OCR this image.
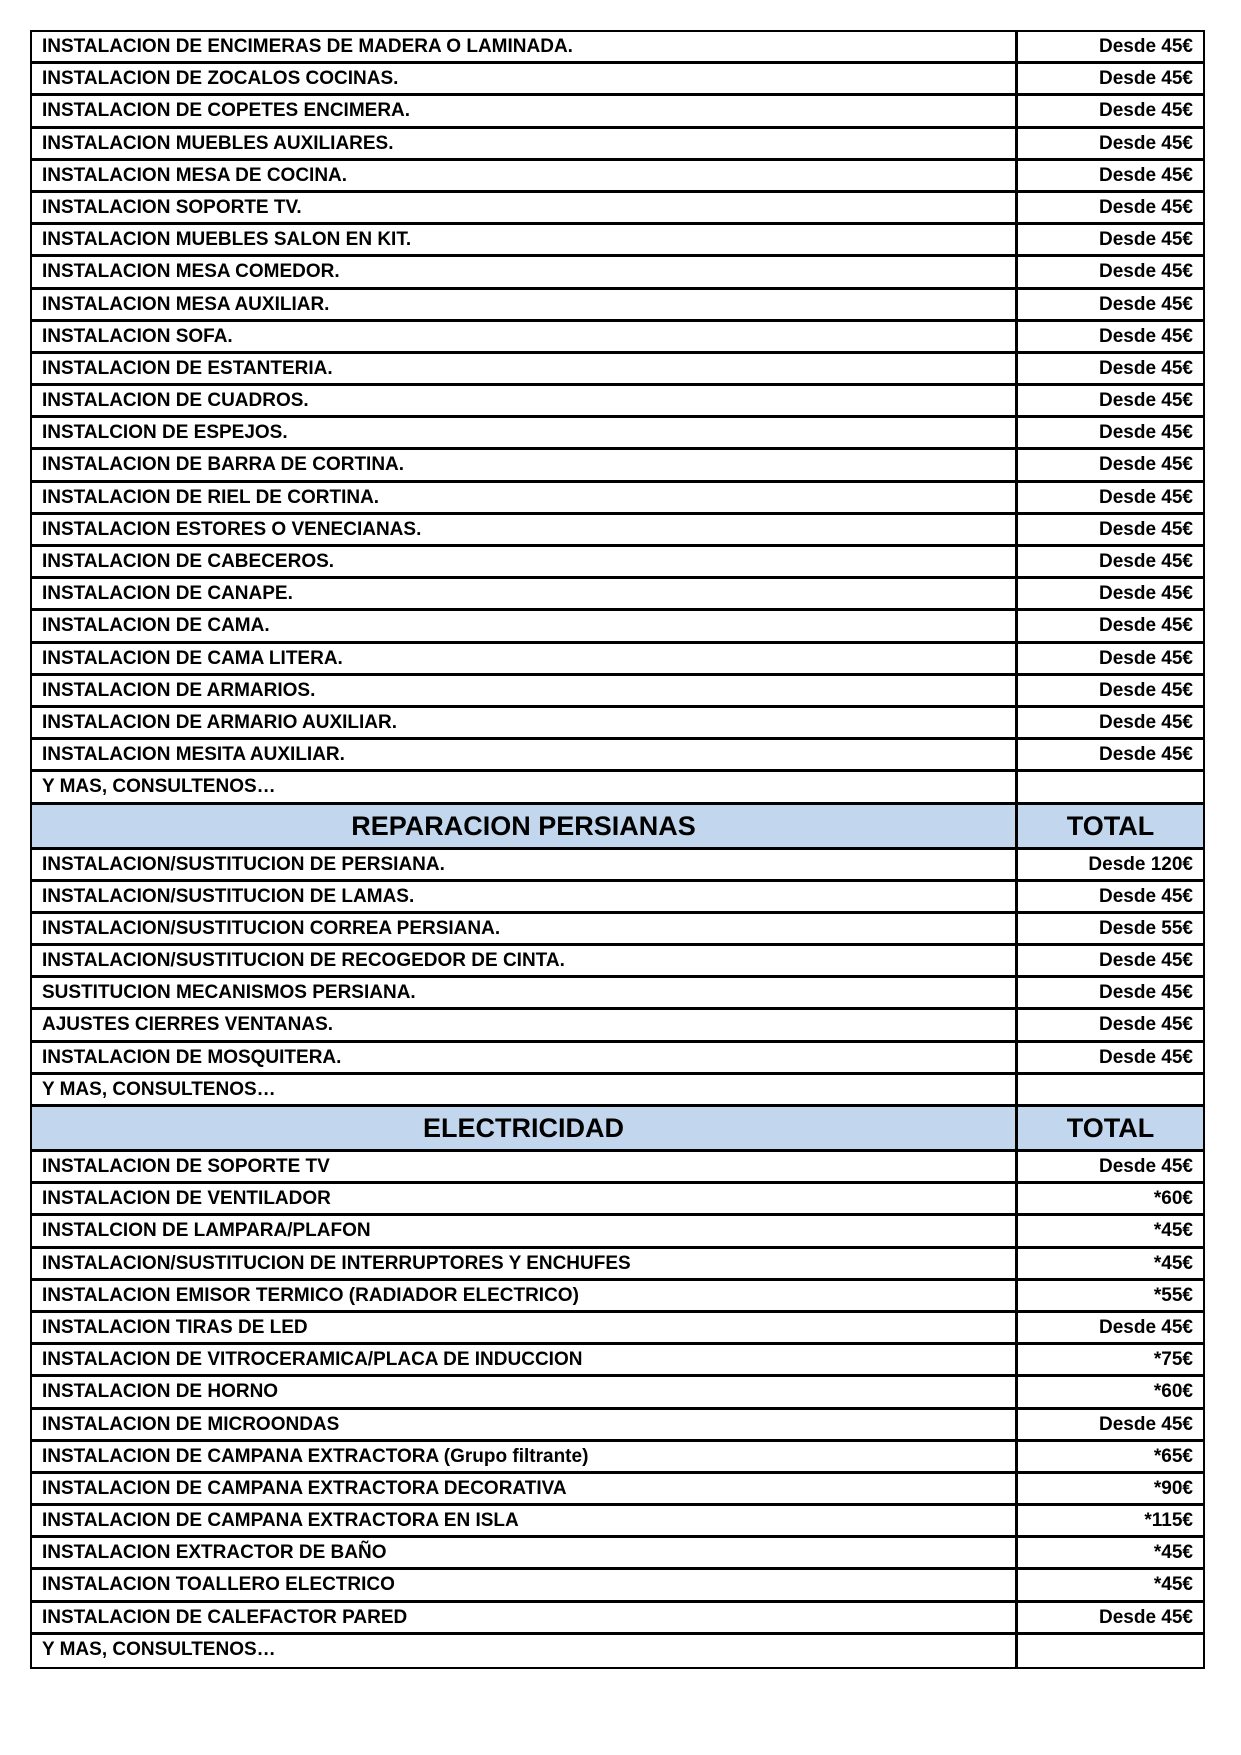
INSTALACION DE ENCIMERAS DE MADERA O LAMINADA.	Desde 45€
INSTALACION DE ZOCALOS COCINAS.	Desde 45€
INSTALACION DE COPETES ENCIMERA.	Desde 45€
INSTALACION MUEBLES AUXILIARES.	Desde 45€
INSTALACION MESA DE COCINA.	Desde 45€
INSTALACION SOPORTE TV.	Desde 45€
INSTALACION MUEBLES SALON EN KIT.	Desde 45€
INSTALACION MESA COMEDOR.	Desde 45€
INSTALACION MESA AUXILIAR.	Desde 45€
INSTALACION SOFA.	Desde 45€
INSTALACION DE ESTANTERIA.	Desde 45€
INSTALACION DE CUADROS.	Desde 45€
INSTALCION DE ESPEJOS.	Desde 45€
INSTALACION DE BARRA DE CORTINA.	Desde 45€
INSTALACION DE RIEL DE CORTINA.	Desde 45€
INSTALACION ESTORES O VENECIANAS.	Desde 45€
INSTALACION DE CABECEROS.	Desde 45€
INSTALACION DE CANAPE.	Desde 45€
INSTALACION DE CAMA.	Desde 45€
INSTALACION DE CAMA LITERA.	Desde 45€
INSTALACION DE ARMARIOS.	Desde 45€
INSTALACION DE ARMARIO AUXILIAR.	Desde 45€
INSTALACION MESITA AUXILIAR.	Desde 45€
Y MAS, CONSULTENOS…
REPARACION PERSIANAS	TOTAL
INSTALACION/SUSTITUCION DE PERSIANA.	Desde 120€
INSTALACION/SUSTITUCION DE LAMAS.	Desde 45€
INSTALACION/SUSTITUCION CORREA PERSIANA.	Desde 55€
INSTALACION/SUSTITUCION DE RECOGEDOR DE CINTA.	Desde 45€
SUSTITUCION MECANISMOS PERSIANA.	Desde 45€
AJUSTES CIERRES VENTANAS.	Desde 45€
INSTALACION DE MOSQUITERA.	Desde 45€
Y MAS, CONSULTENOS…
ELECTRICIDAD	TOTAL
INSTALACION DE SOPORTE TV	Desde 45€
INSTALACION DE VENTILADOR	*60€
INSTALCION DE LAMPARA/PLAFON	*45€
INSTALACION/SUSTITUCION DE INTERRUPTORES Y ENCHUFES	*45€
INSTALACION EMISOR TERMICO (RADIADOR ELECTRICO)	*55€
INSTALACION TIRAS DE LED	Desde 45€
INSTALACION DE VITROCERAMICA/PLACA DE INDUCCION	*75€
INSTALACION DE HORNO	*60€
INSTALACION DE MICROONDAS	Desde 45€
INSTALACION DE CAMPANA EXTRACTORA (Grupo filtrante)	*65€
INSTALACION DE CAMPANA EXTRACTORA DECORATIVA	*90€
INSTALACION DE CAMPANA EXTRACTORA EN ISLA	*115€
INSTALACION EXTRACTOR DE BAÑO	*45€
INSTALACION TOALLERO ELECTRICO	*45€
INSTALACION DE CALEFACTOR PARED	Desde 45€
Y MAS, CONSULTENOS…
